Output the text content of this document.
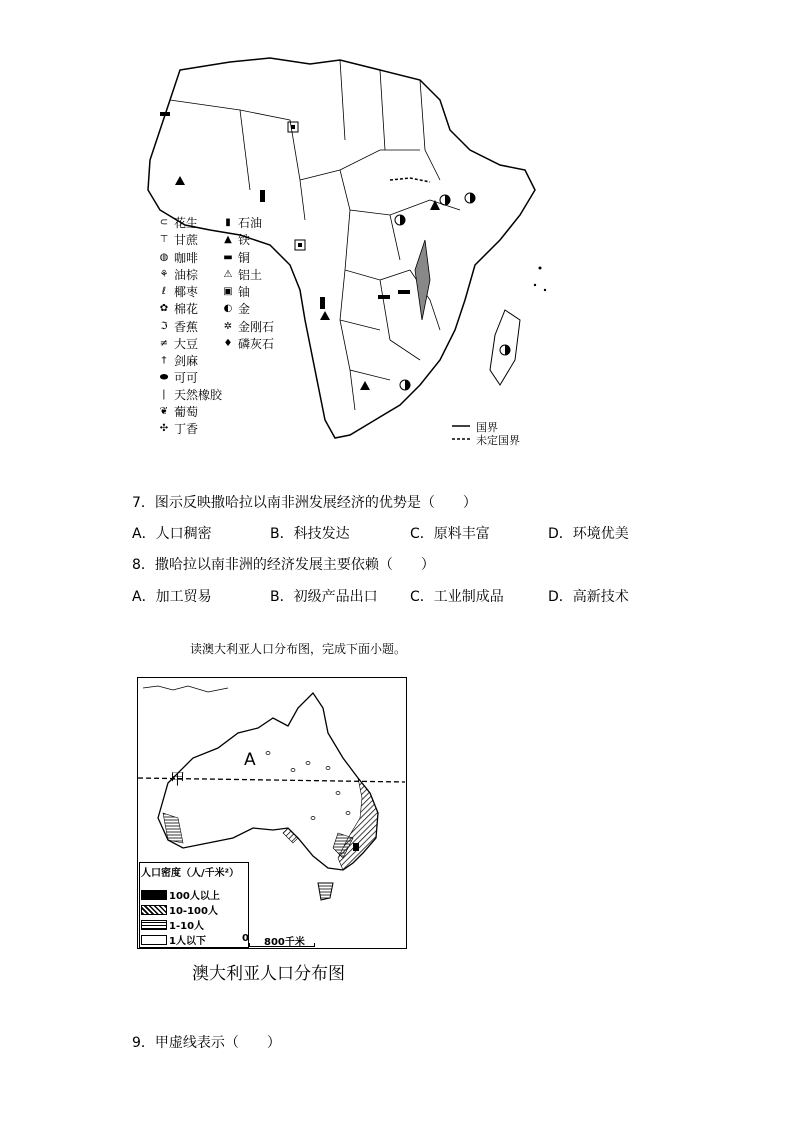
⊂ 花生
⊤ 甘蔗
◍ 咖啡
⚘ 油棕
ℓ 椰枣
✿ 棉花
ℑ 香蕉
≠ 大豆
† 剑麻
⬬ 可可
❘ 天然橡胶
❦ 葡萄
✣ 丁香
▮ 石油
▲ 铁
▬ 铜
⚠ 铝土
▣ 铀
◐ 金
✲ 金刚石
♦ 磷灰石
国界
未定国界
7．图示反映撒哈拉以南非洲发展经济的优势是（　　）
A．人口稠密	B．科技发达	C．原料丰富	D．环境优美
8．撒哈拉以南非洲的经济发展主要依赖（　　）
A．加工贸易	B．初级产品出口 C．工业制成品	D．高新技术
读澳大利亚人口分布图，完成下面小题。
A
甲
人口密度（人/千米²）
100人以上
10-100人
1-10人
1人以下	0 800千米
澳大利亚人口分布图
9．甲虚线表示（　　）
